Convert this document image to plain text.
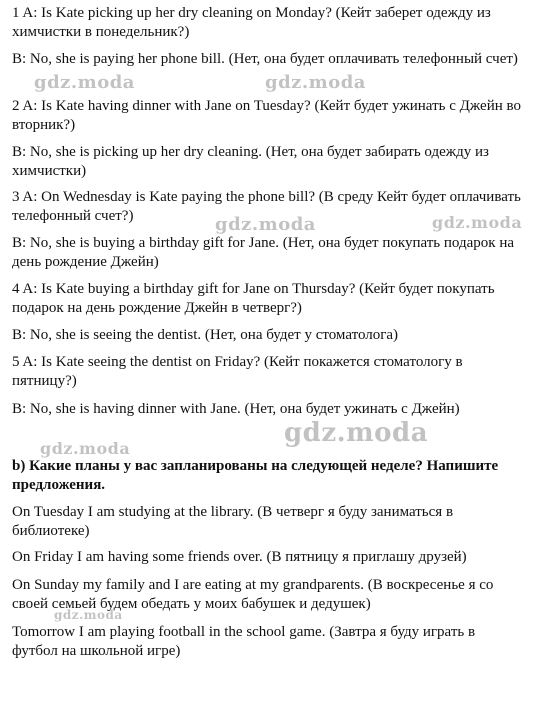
1 A: Is Kate picking up her dry cleaning on Monday? (Кейт заберет одежду из химчистки в понедельник?)

B: No, she is paying her phone bill. (Нет, она будет оплачивать телефонный счет)

2 A: Is Kate having dinner with Jane on Tuesday? (Кейт будет ужинать с Джейн во вторник?)

B: No, she is picking up her dry cleaning. (Нет, она будет забирать одежду из химчистки)

3 A: On Wednesday is Kate paying the phone bill? (В среду Кейт будет оплачивать телефонный счет?)

B: No, she is buying a birthday gift for Jane. (Нет, она будет покупать подарок на день рождение Джейн)

4 A: Is Kate buying a birthday gift for Jane on Thursday? (Кейт будет покупать подарок на день рождение Джейн в четверг?)

B: No, she is seeing the dentist. (Нет, она будет у стоматолога)

5 A: Is Kate seeing the dentist on Friday? (Кейт покажется стоматологу в пятницу?)

B: No, she is having dinner with Jane. (Нет, она будет ужинать с Джейн)

b) Какие планы у вас запланированы на следующей неделе? Напишите предложения.

On Tuesday I am studying at the library. (В четверг я буду заниматься в библиотеке)

On Friday I am having some friends over. (В пятницу я приглашу друзей)

On Sunday my family and I are eating at my grandparents. (В воскресенье я со своей семьей будем обедать у моих бабушек и дедушек)

Tomorrow I am playing football in the school game. (Завтра я буду играть в футбол на школьной игре)

gdz.moda	gdz.moda
gdz.moda	gdz.moda
gdz.moda
gdz.moda
gdz.moda
